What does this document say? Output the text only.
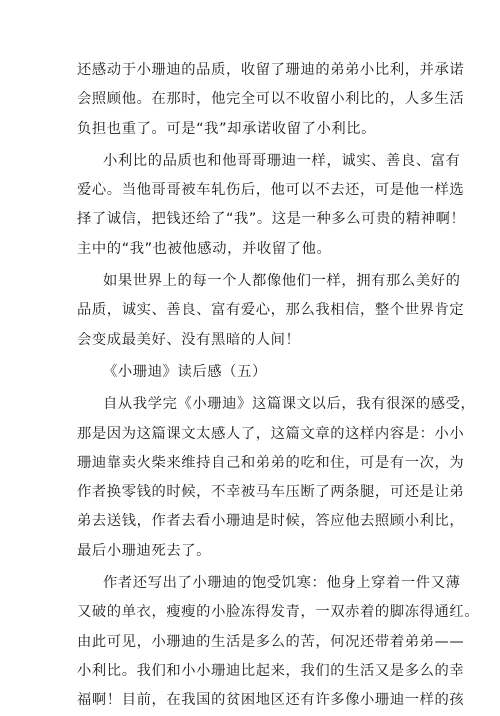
还感动于小珊迪的品质，收留了珊迪的弟弟小比利，并承诺
会照顾他。在那时，他完全可以不收留小利比的，人多生活
负担也重了。可是“我”却承诺收留了小利比。
小利比的品质也和他哥哥珊迪一样，诚实、善良、富有
爱心。当他哥哥被车轧伤后，他可以不去还，可是他一样选
择了诚信，把钱还给了“我”。这是一种多么可贵的精神啊！
主中的“我”也被他感动，并收留了他。
如果世界上的每一个人都像他们一样，拥有那么美好的
品质，诚实、善良、富有爱心，那么我相信，整个世界肯定
会变成最美好、没有黑暗的人间！
《小珊迪》读后感（五）
自从我学完《小珊迪》这篇课文以后，我有很深的感受，
那是因为这篇课文太感人了，这篇文章的这样内容是：小小
珊迪靠卖火柴来维持自己和弟弟的吃和住，可是有一次，为
作者换零钱的时候，不幸被马车压断了两条腿，可还是让弟
弟去送钱，作者去看小珊迪是时候，答应他去照顾小利比，
最后小珊迪死去了。
作者还写出了小珊迪的饱受饥寒：他身上穿着一件又薄
又破的单衣，瘦瘦的小脸冻得发青，一双赤着的脚冻得通红。
由此可见，小珊迪的生活是多么的苦，何况还带着弟弟——
小利比。我们和小小珊迪比起来，我们的生活又是多么的幸
福啊！目前，在我国的贫困地区还有许多像小珊迪一样的孩
